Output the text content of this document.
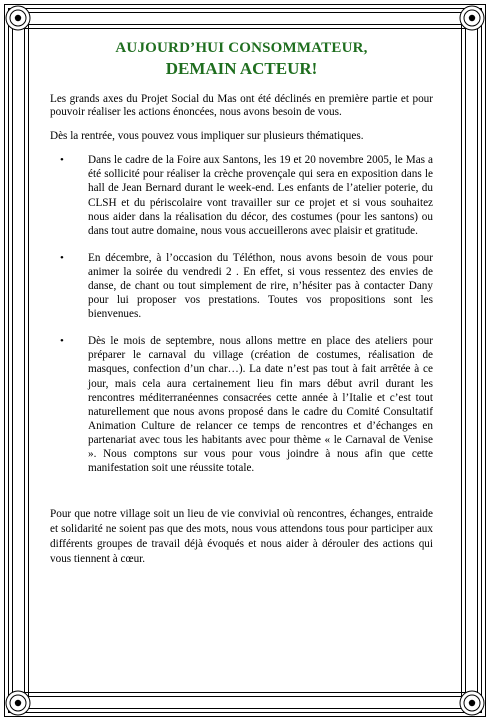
AUJOURD’HUI CONSOMMATEUR,
DEMAIN ACTEUR!

Les grands axes du Projet Social du Mas ont été déclinés en première partie et pour pouvoir réaliser les actions énoncées, nous avons besoin de vous.

Dès la rentrée, vous pouvez vous impliquer sur plusieurs thématiques.

• Dans le cadre de la Foire aux Santons, les 19 et 20 novembre 2005, le Mas a été sollicité pour réaliser la crèche provençale qui sera en exposition dans le hall de Jean Bernard durant le week-end. Les enfants de l’atelier poterie, du CLSH et du périscolaire vont travailler sur ce projet et si vous souhaitez nous aider dans la réalisation du décor, des costumes (pour les santons) ou dans tout autre domaine, nous vous accueillerons avec plaisir et gratitude.
• En décembre, à l’occasion du Téléthon, nous avons besoin de vous pour animer la soirée du vendredi 2 . En effet, si vous ressentez des envies de danse, de chant ou tout simplement de rire, n’hésiter pas à contacter Dany pour lui proposer vos prestations. Toutes vos propositions sont les bienvenues.
• Dès le mois de septembre, nous allons mettre en place des ateliers pour préparer le carnaval du village (création de costumes, réalisation de masques, confection d’un char…). La date n’est pas tout à fait arrêtée à ce jour, mais cela aura certainement lieu fin mars début avril durant les rencontres méditerranéennes consacrées cette année à l’Italie et c’est tout naturellement que nous avons proposé dans le cadre du Comité Consultatif Animation Culture de relancer ce temps de rencontres et d’échanges en partenariat avec tous les habitants avec pour thème « le Carnaval de Venise ». Nous comptons sur vous pour vous joindre à nous afin que cette manifestation soit une réussite totale.

Pour que notre village soit un lieu de vie convivial où rencontres, échanges, entraide et solidarité ne soient pas que des mots, nous vous attendons tous pour participer aux différents groupes de travail déjà évoqués et nous aider à dérouler des actions qui vous tiennent à cœur.
